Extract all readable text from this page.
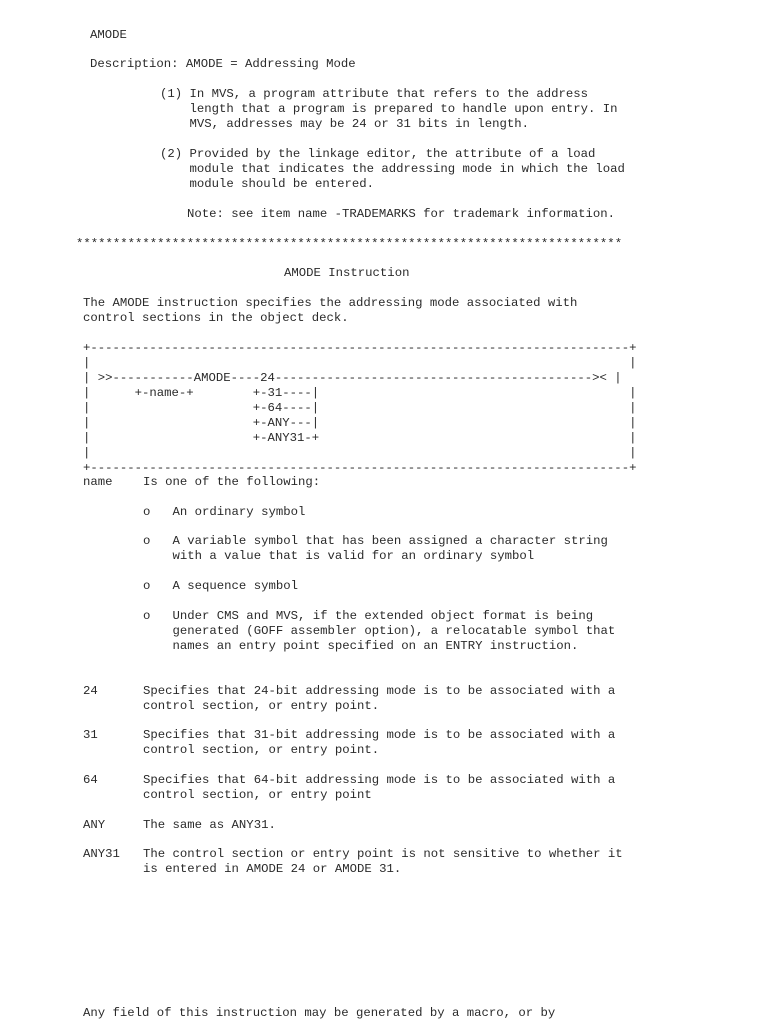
AMODE
Description: AMODE = Addressing Mode
(1) In MVS, a program attribute that refers to the address
length that a program is prepared to handle upon entry. In
MVS, addresses may be 24 or 31 bits in length.
(2) Provided by the linkage editor, the attribute of a load
module that indicates the addressing mode in which the load
module should be entered.
Note: see item name -TRADEMARKS for trademark information.
**************************************************************************
AMODE Instruction
The AMODE instruction specifies the addressing mode associated with
control sections in the object deck.
+-------------------------------------------------------------------------+
|                                                                         |
| >>-----------AMODE----24------------------------------------------->< |
|      +-name-+        +-31----|                                          |
|                      +-64----|                                          |
|                      +-ANY---|                                          |
|                      +-ANY31-+                                          |
|                                                                         |
+-------------------------------------------------------------------------+
name Is one of the following:
o   An ordinary symbol
o   A variable symbol that has been assigned a character string
with a value that is valid for an ordinary symbol
o   A sequence symbol
o   Under CMS and MVS, if the extended object format is being
generated (GOFF assembler option), a relocatable symbol that
names an entry point specified on an ENTRY instruction.
24	Specifies that 24-bit addressing mode is to be associated with a
control section, or entry point.
31	Specifies that 31-bit addressing mode is to be associated with a
control section, or entry point.
64	Specifies that 64-bit addressing mode is to be associated with a
control section, or entry point
ANY	The same as ANY31.
ANY31 The control section or entry point is not sensitive to whether it
is entered in AMODE 24 or AMODE 31.
Any field of this instruction may be generated by a macro, or by
